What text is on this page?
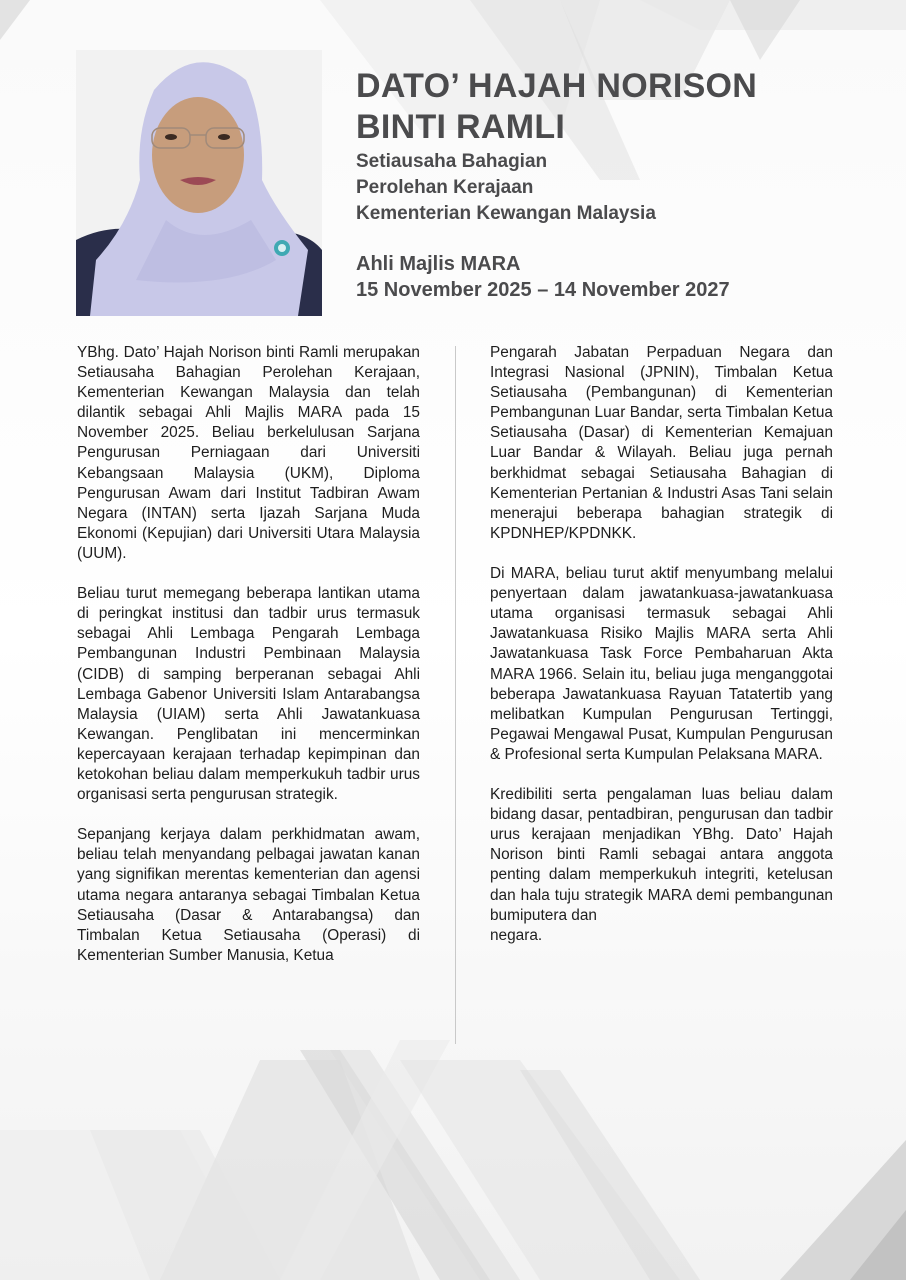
DATO’ HAJAH NORISON
BINTI RAMLI
Setiausaha Bahagian
Perolehan Kerajaan
Kementerian Kewangan Malaysia
Ahli Majlis MARA
15 November 2025 – 14 November 2027

YBhg. Dato’ Hajah Norison binti Ramli merupakan Setiausaha Bahagian Perolehan Kerajaan, Kementerian Kewangan Malaysia dan telah dilantik sebagai Ahli Majlis MARA pada 15 November 2025. Beliau berkelulusan Sarjana Pengurusan Perniagaan dari Universiti Kebangsaan Malaysia (UKM), Diploma Pengurusan Awam dari Institut Tadbiran Awam Negara (INTAN) serta Ijazah Sarjana Muda Ekonomi (Kepujian) dari Universiti Utara Malaysia (UUM).

Beliau turut memegang beberapa lantikan utama di peringkat institusi dan tadbir urus termasuk sebagai Ahli Lembaga Pengarah Lembaga Pembangunan Industri Pembinaan Malaysia (CIDB) di samping berperanan sebagai Ahli Lembaga Gabenor Universiti Islam Antarabangsa Malaysia (UIAM) serta Ahli Jawatankuasa Kewangan. Penglibatan ini mencerminkan kepercayaan kerajaan terhadap kepimpinan dan ketokohan beliau dalam memperkukuh tadbir urus organisasi serta pengurusan strategik.

Sepanjang kerjaya dalam perkhidmatan awam, beliau telah menyandang pelbagai jawatan kanan yang signifikan merentas kementerian dan agensi utama negara antaranya sebagai Timbalan Ketua Setiausaha (Dasar & Antarabangsa) dan Timbalan Ketua Setiausaha (Operasi) di Kementerian Sumber Manusia, Ketua

Pengarah Jabatan Perpaduan Negara dan Integrasi Nasional (JPNIN), Timbalan Ketua Setiausaha (Pembangunan) di Kementerian Pembangunan Luar Bandar, serta Timbalan Ketua Setiausaha (Dasar) di Kementerian Kemajuan Luar Bandar & Wilayah. Beliau juga pernah berkhidmat sebagai Setiausaha Bahagian di Kementerian Pertanian & Industri Asas Tani selain menerajui beberapa bahagian strategik di KPDNHEP/KPDNKK.

Di MARA, beliau turut aktif menyumbang melalui penyertaan dalam jawatankuasa-jawatankuasa utama organisasi termasuk sebagai Ahli Jawatankuasa Risiko Majlis MARA serta Ahli Jawatankuasa Task Force Pembaharuan Akta MARA 1966. Selain itu, beliau juga menganggotai beberapa Jawatankuasa Rayuan Tatatertib yang melibatkan Kumpulan Pengurusan Tertinggi, Pegawai Mengawal Pusat, Kumpulan Pengurusan & Profesional serta Kumpulan Pelaksana MARA.

Kredibiliti serta pengalaman luas beliau dalam bidang dasar, pentadbiran, pengurusan dan tadbir urus kerajaan menjadikan YBhg. Dato’ Hajah Norison binti Ramli sebagai antara anggota penting dalam memperkukuh integriti, ketelusan dan hala tuju strategik MARA demi pembangunan bumiputera dan

negara.
